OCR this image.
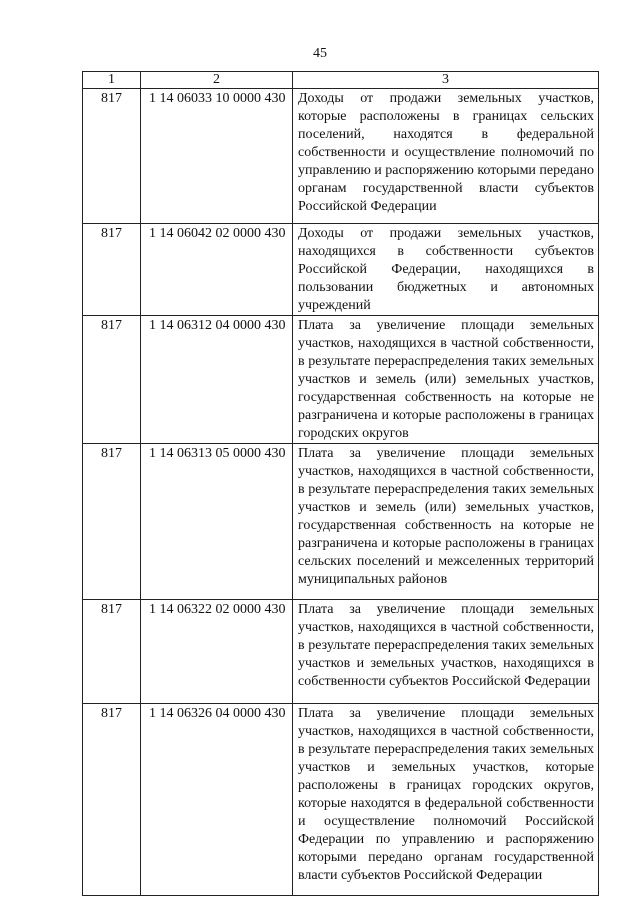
45
1	2	3
817	1 14 06033 10 0000 430	Доходы от продажи земельных участков, которые расположены в границах сельских поселений, находятся в федеральной собственности и осуществление полномочий по управлению и распоряжению которыми передано органам государственной власти субъектов Российской Федерации
817	1 14 06042 02 0000 430	Доходы от продажи земельных участков, находящихся в собственности субъектов Российской Федерации, находящихся в пользовании бюджетных и автономных учреждений
817	1 14 06312 04 0000 430	Плата за увеличение площади земельных участков, находящихся в частной собственности, в результате перераспределения таких земельных участков и земель (или) земельных участков, государственная собственность на которые не разграничена и которые расположены в границах городских округов
817	1 14 06313 05 0000 430	Плата за увеличение площади земельных участков, находящихся в частной собственности, в результате перераспределения таких земельных участков и земель (или) земельных участков, государственная собственность на которые не разграничена и которые расположены в границах сельских поселений и межселенных территорий муниципальных районов
817	1 14 06322 02 0000 430	Плата за увеличение площади земельных участков, находящихся в частной собственности, в результате перераспределения таких земельных участков и земельных участков, находящихся в собственности субъектов Российской Федерации
817	1 14 06326 04 0000 430	Плата за увеличение площади земельных участков, находящихся в частной собственности, в результате перераспределения таких земельных участков и земельных участков, которые расположены в границах городских округов, которые находятся в федеральной собственности и осуществление полномочий Российской Федерации по управлению и распоряжению которыми передано органам государственной власти субъектов Российской Федерации
